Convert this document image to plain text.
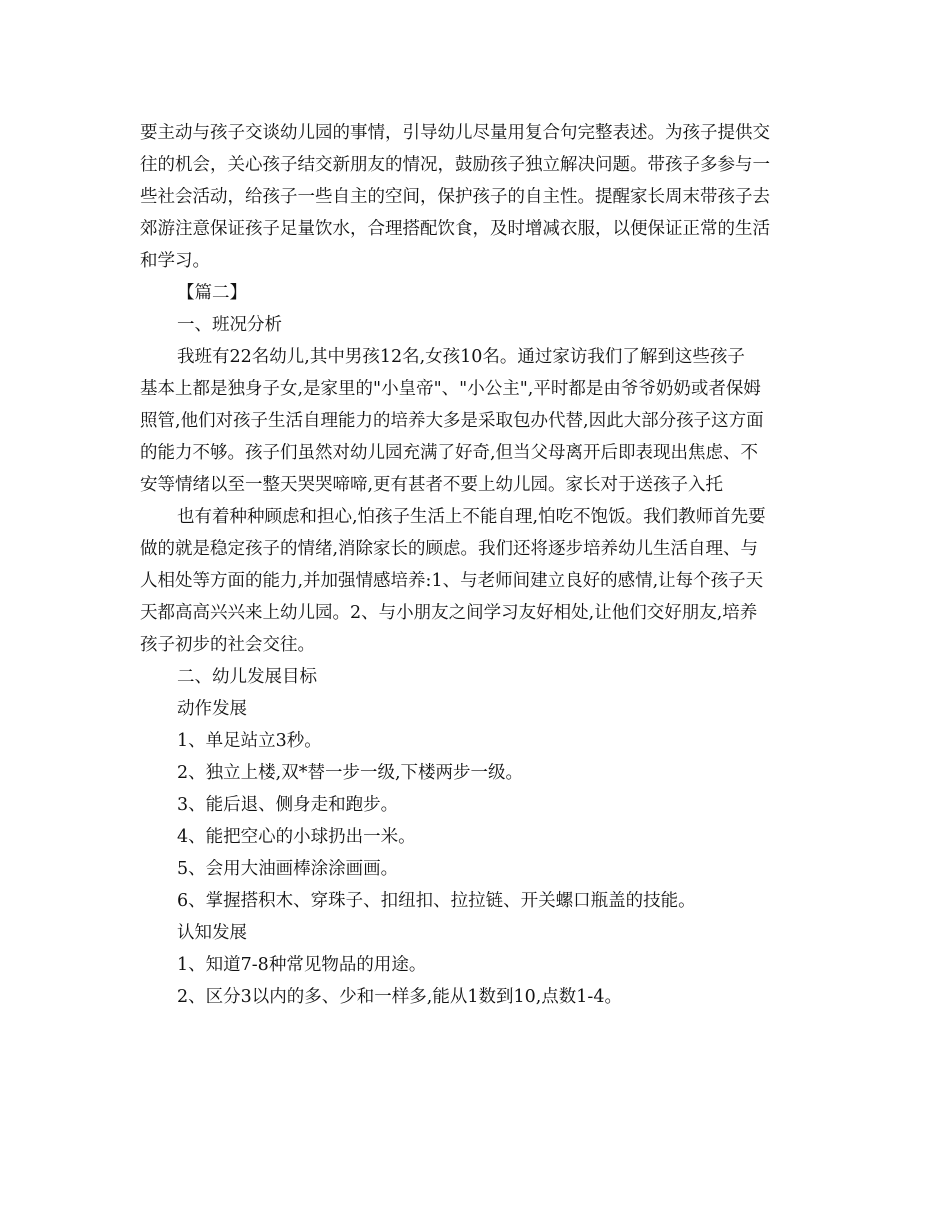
要主动与孩子交谈幼儿园的事情，引导幼儿尽量用复合句完整表述。为孩子提供交
往的机会，关心孩子结交新朋友的情况，鼓励孩子独立解决问题。带孩子多参与一
些社会活动，给孩子一些自主的空间，保护孩子的自主性。提醒家长周末带孩子去
郊游注意保证孩子足量饮水，合理搭配饮食，及时增减衣服，以便保证正常的生活
和学习。
【篇二】
一、班况分析
我班有22名幼儿,其中男孩12名,女孩10名。通过家访我们了解到这些孩子
基本上都是独身子女,是家里的"小皇帝"、"小公主",平时都是由爷爷奶奶或者保姆
照管,他们对孩子生活自理能力的培养大多是采取包办代替,因此大部分孩子这方面
的能力不够。孩子们虽然对幼儿园充满了好奇,但当父母离开后即表现出焦虑、不
安等情绪以至一整天哭哭啼啼,更有甚者不要上幼儿园。家长对于送孩子入托
也有着种种顾虑和担心,怕孩子生活上不能自理,怕吃不饱饭。我们教师首先要
做的就是稳定孩子的情绪,消除家长的顾虑。我们还将逐步培养幼儿生活自理、与
人相处等方面的能力,并加强情感培养:1、与老师间建立良好的感情,让每个孩子天
天都高高兴兴来上幼儿园。2、与小朋友之间学习友好相处,让他们交好朋友,培养
孩子初步的社会交往。
二、幼儿发展目标
动作发展
1、单足站立3秒。
2、独立上楼,双*替一步一级,下楼两步一级。
3、能后退、侧身走和跑步。
4、能把空心的小球扔出一米。
5、会用大油画棒涂涂画画。
6、掌握搭积木、穿珠子、扣纽扣、拉拉链、开关螺口瓶盖的技能。
认知发展
1、知道7-8种常见物品的用途。
2、区分3以内的多、少和一样多,能从1数到10,点数1-4。
